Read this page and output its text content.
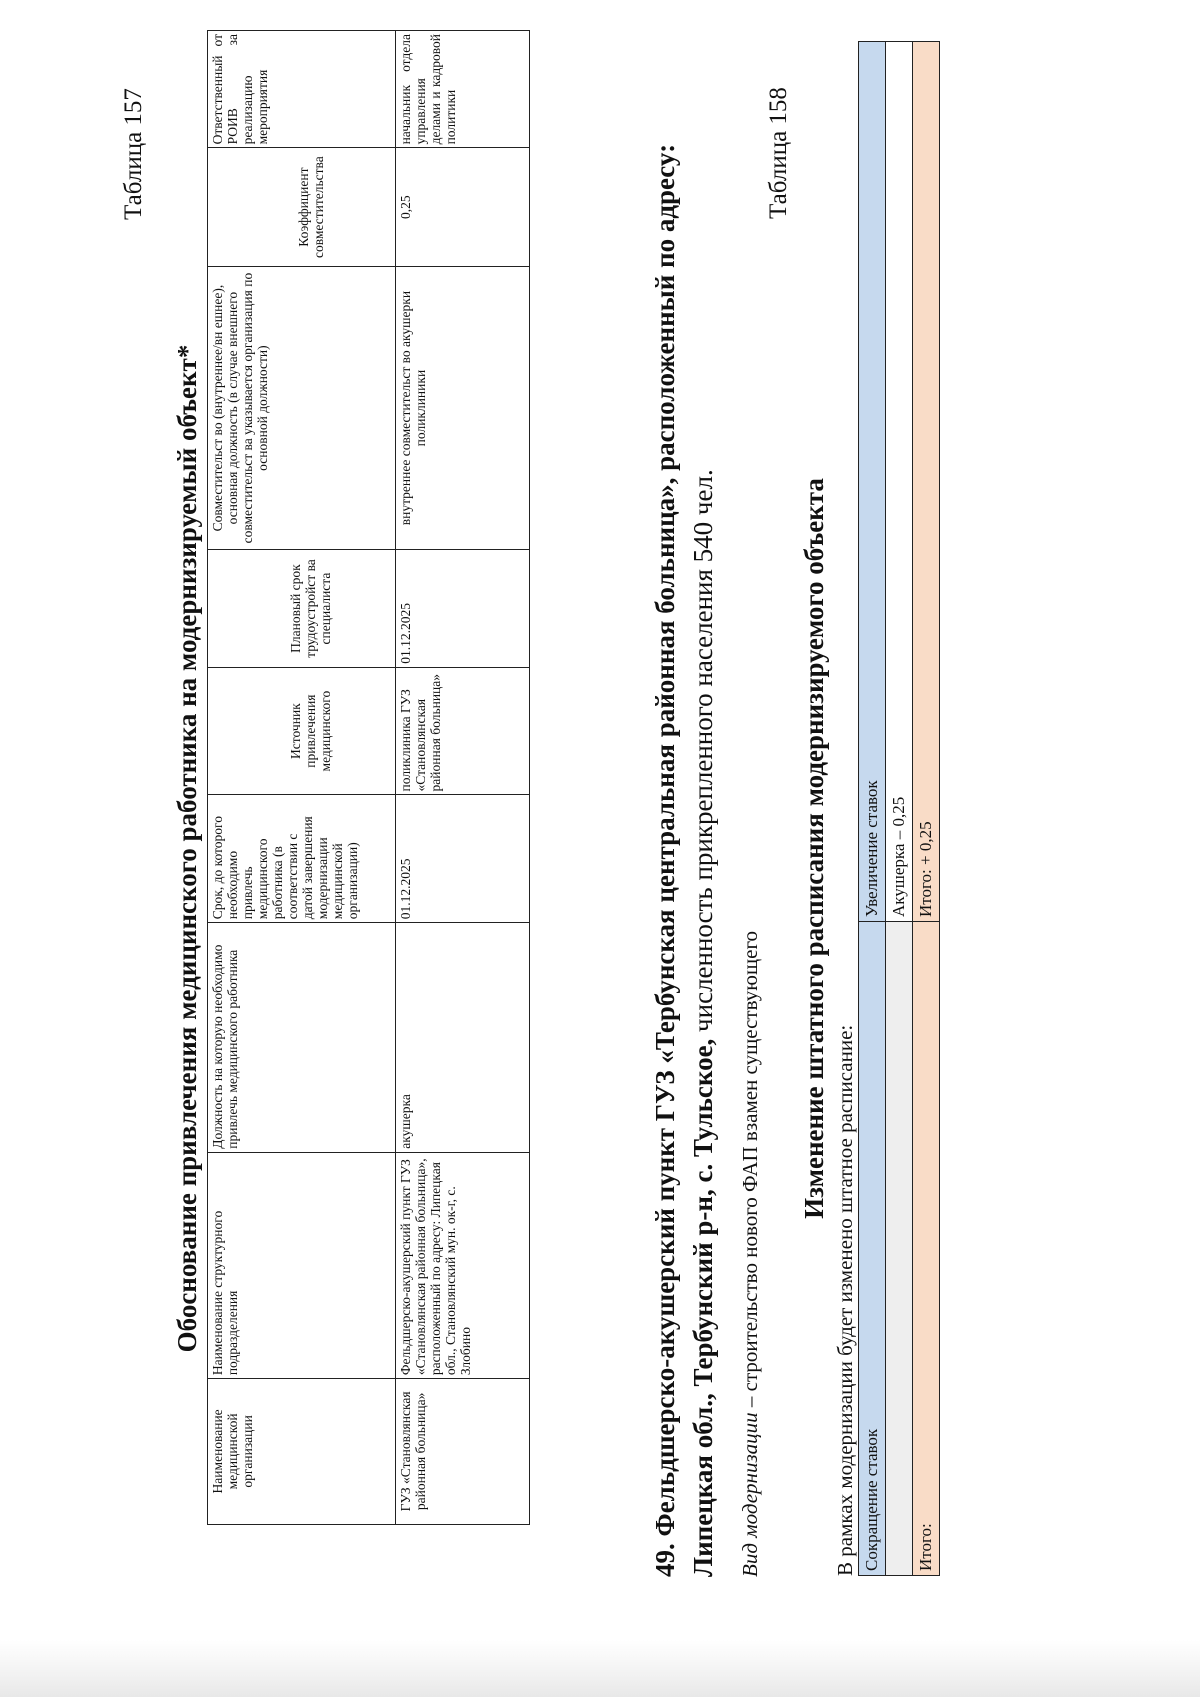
Таблица 157
Обоснование привлечения медицинского работника на модернизируемый объект*
	Наименование медицинской организации	Наименование структурного подразделения	Должность на которую необходимо привлечь медицинского работника	Срок, до которого необходимо привлечь медицинского работника (в соответствии с датой завершения модернизации медицинской организации)	Источник привлечения медицинского	Плановый срок трудоустройст ва специалиста	Совместительст во (внутреннее/вн ешнее), основная должность (в случае внешнего совместительст ва указывается организация по основной должности)	Коэффициент совместительства	Ответственный от РОИВ за реализацию мероприятия
	ГУЗ «Становлянская районная больница»	Фельдшерско-акушерский пункт ГУЗ «Становлянская районная больница», расположенный по адресу: Липецкая обл., Становлянский мун. ок-г, с. Злобино	акушерка	01.12.2025	поликлиника ГУЗ «Становлянская районная больница»	01.12.2025	внутреннее совместительст во акушерки поликлиники	0,25	начальник отдела управления делами и кадровой политики
49. Фельдшерско-акушерский пункт ГУЗ «Тербунская центральная районная больница», расположенный по адресу: Липецкая обл., Тербунский р-н, с. Тульское, численность прикрепленного населения 540 чел.
Вид модернизации – строительство нового ФАП взамен существующего
Таблица 158
Изменение штатного расписания модернизируемого объекта
В рамках модернизации будет изменено штатное расписание: Сокращение ставок	Увеличение ставок
	Акушерка – 0,25
Итого:	Итого: + 0,25
